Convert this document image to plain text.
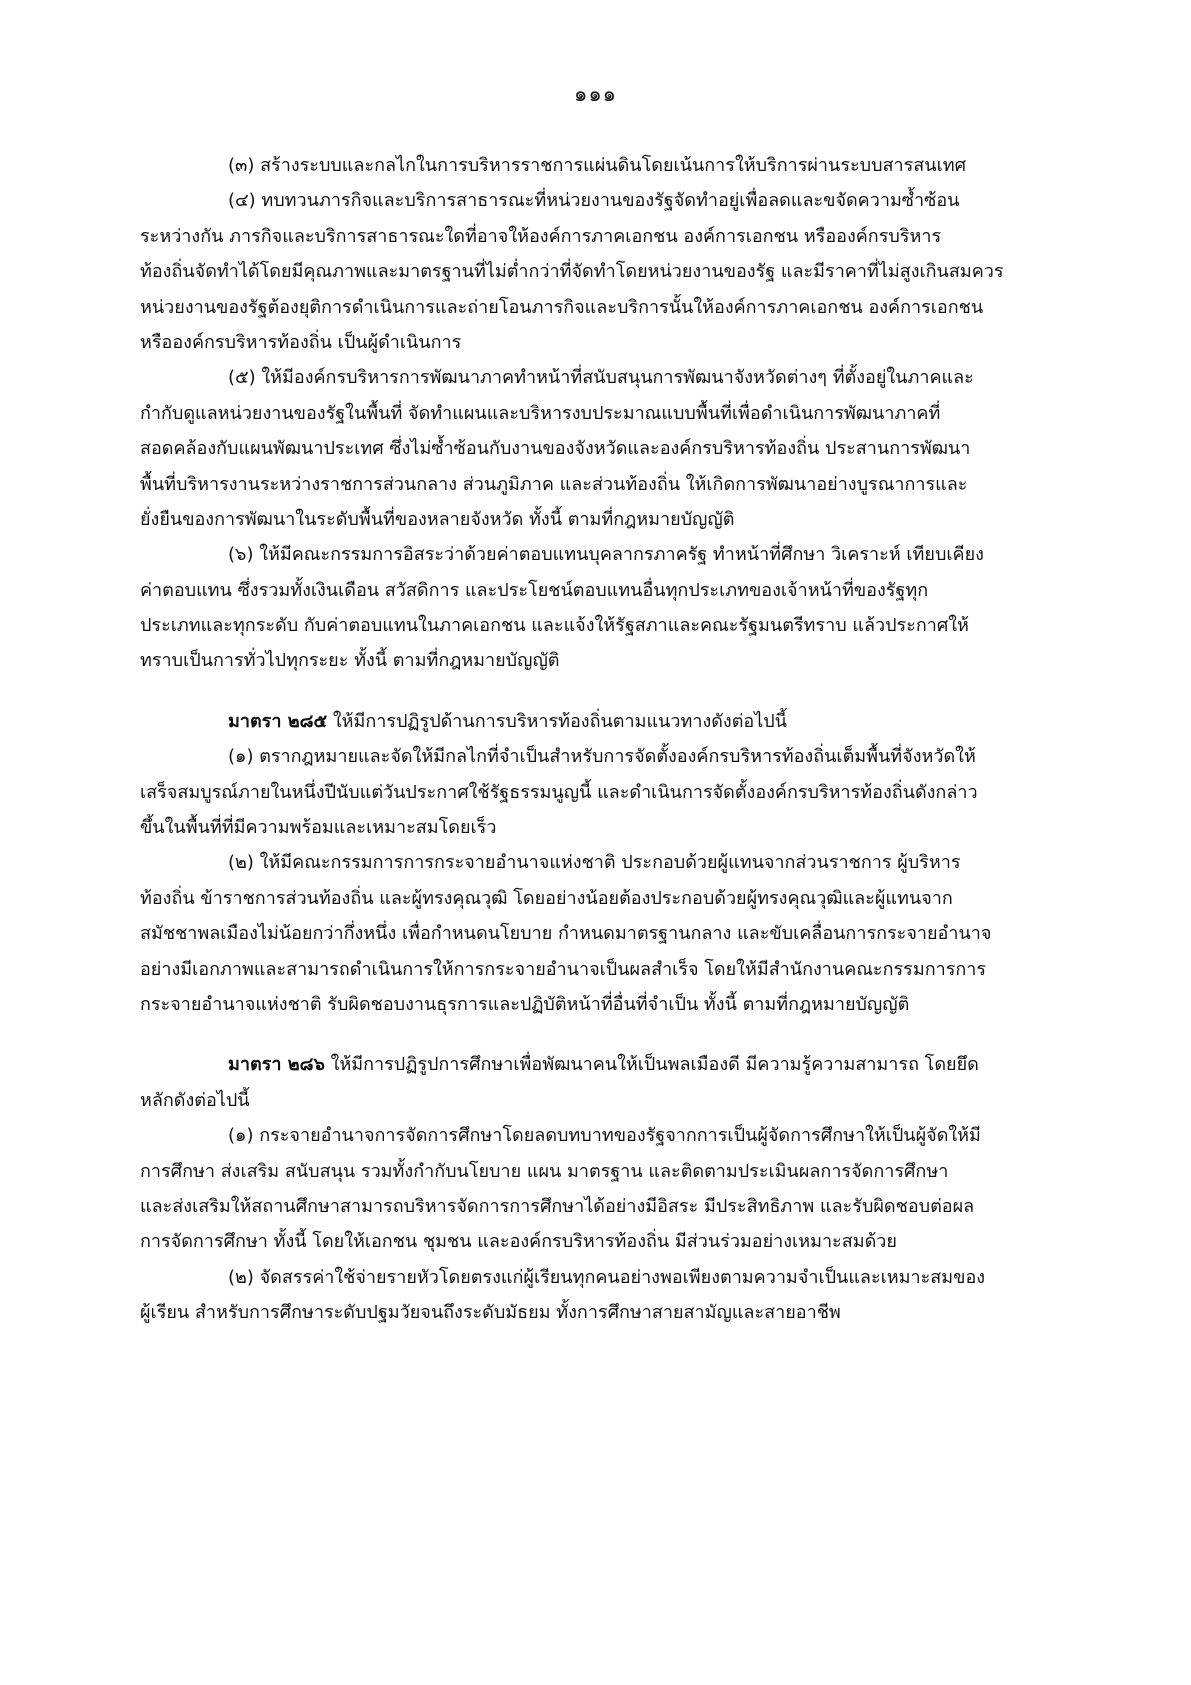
๑๑๑
(๓) สร้างระบบและกลไกในการบริหารราชการแผ่นดินโดยเน้นการให้บริการผ่านระบบสารสนเทศ
(๔) ทบทวนภารกิจและบริการสาธารณะที่หน่วยงานของรัฐจัดทำอยู่เพื่อลดและขจัดความซ้ำซ้อน
ระหว่างกัน ภารกิจและบริการสาธารณะใดที่อาจให้องค์การภาคเอกชน องค์การเอกชน หรือองค์กรบริหาร
ท้องถิ่นจัดทำได้โดยมีคุณภาพและมาตรฐานที่ไม่ต่ำกว่าที่จัดทำโดยหน่วยงานของรัฐ และมีราคาที่ไม่สูงเกินสมควร
หน่วยงานของรัฐต้องยุติการดำเนินการและถ่ายโอนภารกิจและบริการนั้นให้องค์การภาคเอกชน องค์การเอกชน
หรือองค์กรบริหารท้องถิ่น เป็นผู้ดำเนินการ
(๕) ให้มีองค์กรบริหารการพัฒนาภาคทำหน้าที่สนับสนุนการพัฒนาจังหวัดต่างๆ ที่ตั้งอยู่ในภาคและ
กำกับดูแลหน่วยงานของรัฐในพื้นที่ จัดทำแผนและบริหารงบประมาณแบบพื้นที่เพื่อดำเนินการพัฒนาภาคที่
สอดคล้องกับแผนพัฒนาประเทศ ซึ่งไม่ซ้ำซ้อนกับงานของจังหวัดและองค์กรบริหารท้องถิ่น ประสานการพัฒนา
พื้นที่บริหารงานระหว่างราชการส่วนกลาง ส่วนภูมิภาค และส่วนท้องถิ่น ให้เกิดการพัฒนาอย่างบูรณาการและ
ยั่งยืนของการพัฒนาในระดับพื้นที่ของหลายจังหวัด ทั้งนี้ ตามที่กฎหมายบัญญัติ
(๖) ให้มีคณะกรรมการอิสระว่าด้วยค่าตอบแทนบุคลากรภาครัฐ ทำหน้าที่ศึกษา วิเคราะห์ เทียบเคียง
ค่าตอบแทน ซึ่งรวมทั้งเงินเดือน สวัสดิการ และประโยชน์ตอบแทนอื่นทุกประเภทของเจ้าหน้าที่ของรัฐทุก
ประเภทและทุกระดับ กับค่าตอบแทนในภาคเอกชน และแจ้งให้รัฐสภาและคณะรัฐมนตรีทราบ แล้วประกาศให้
ทราบเป็นการทั่วไปทุกระยะ ทั้งนี้ ตามที่กฎหมายบัญญัติ
มาตรา ๒๘๕ ให้มีการปฏิรูปด้านการบริหารท้องถิ่นตามแนวทางดังต่อไปนี้
(๑) ตรากฎหมายและจัดให้มีกลไกที่จำเป็นสำหรับการจัดตั้งองค์กรบริหารท้องถิ่นเต็มพื้นที่จังหวัดให้
เสร็จสมบูรณ์ภายในหนึ่งปีนับแต่วันประกาศใช้รัฐธรรมนูญนี้ และดำเนินการจัดตั้งองค์กรบริหารท้องถิ่นดังกล่าว
ขึ้นในพื้นที่ที่มีความพร้อมและเหมาะสมโดยเร็ว
(๒) ให้มีคณะกรรมการการกระจายอำนาจแห่งชาติ ประกอบด้วยผู้แทนจากส่วนราชการ ผู้บริหาร
ท้องถิ่น ข้าราชการส่วนท้องถิ่น และผู้ทรงคุณวุฒิ โดยอย่างน้อยต้องประกอบด้วยผู้ทรงคุณวุฒิและผู้แทนจาก
สมัชชาพลเมืองไม่น้อยกว่ากึ่งหนึ่ง เพื่อกำหนดนโยบาย กำหนดมาตรฐานกลาง และขับเคลื่อนการกระจายอำนาจ
อย่างมีเอกภาพและสามารถดำเนินการให้การกระจายอำนาจเป็นผลสำเร็จ โดยให้มีสำนักงานคณะกรรมการการ
กระจายอำนาจแห่งชาติ รับผิดชอบงานธุรการและปฏิบัติหน้าที่อื่นที่จำเป็น ทั้งนี้ ตามที่กฎหมายบัญญัติ
มาตรา ๒๘๖ ให้มีการปฏิรูปการศึกษาเพื่อพัฒนาคนให้เป็นพลเมืองดี มีความรู้ความสามารถ โดยยึด
หลักดังต่อไปนี้
(๑) กระจายอำนาจการจัดการศึกษาโดยลดบทบาทของรัฐจากการเป็นผู้จัดการศึกษาให้เป็นผู้จัดให้มี
การศึกษา ส่งเสริม สนับสนุน รวมทั้งกำกับนโยบาย แผน มาตรฐาน และติดตามประเมินผลการจัดการศึกษา
และส่งเสริมให้สถานศึกษาสามารถบริหารจัดการการศึกษาได้อย่างมีอิสระ มีประสิทธิภาพ และรับผิดชอบต่อผล
การจัดการศึกษา ทั้งนี้ โดยให้เอกชน ชุมชน และองค์กรบริหารท้องถิ่น มีส่วนร่วมอย่างเหมาะสมด้วย
(๒) จัดสรรค่าใช้จ่ายรายหัวโดยตรงแก่ผู้เรียนทุกคนอย่างพอเพียงตามความจำเป็นและเหมาะสมของ
ผู้เรียน สำหรับการศึกษาระดับปฐมวัยจนถึงระดับมัธยม ทั้งการศึกษาสายสามัญและสายอาชีพ
